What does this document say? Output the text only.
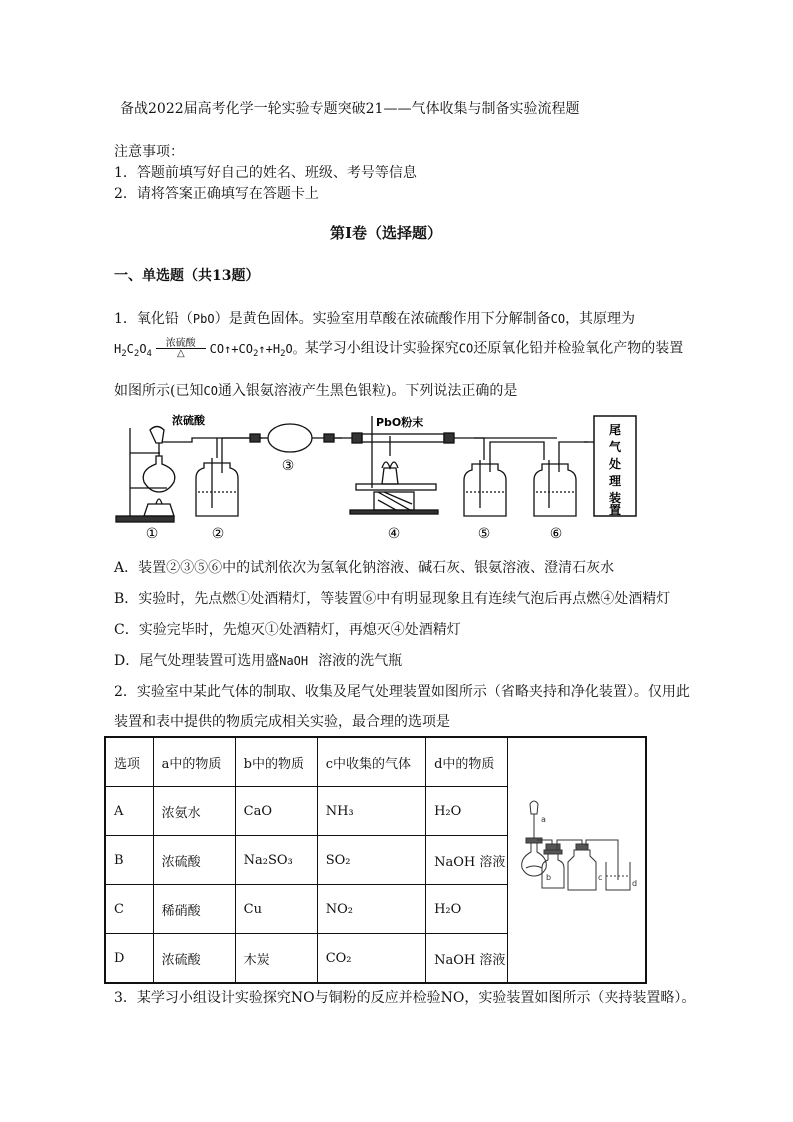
备战2022届高考化学一轮实验专题突破21——气体收集与制备实验流程题
注意事项：
1．答题前填写好自己的姓名、班级、考号等信息
2．请将答案正确填写在答题卡上
第I卷（选择题）
一、单选题（共13题）
1．氧化铅（PbO）是黄色固体。实验室用草酸在浓硫酸作用下分解制备CO，其原理为
$H_2C_2O_4 \frac{\text{浓硫酸}}{\triangle}$ $CO↑+CO_2↑+H_2O$。某学习小组设计实验探究CO还原氧化铅并检验氧化产物的装置
如图所示(已知CO通入银氨溶液产生黑色银粒)。下列说法正确的是
浓硫酸	PbO粉末
尾
气
处
理
装
置
①	②
③
④	⑤	⑥
A．装置②③⑤⑥中的试剂依次为氢氧化钠溶液、碱石灰、银氨溶液、澄清石灰水
B．实验时，先点燃①处酒精灯，等装置⑥中有明显现象且有连续气泡后再点燃④处酒精灯
C．实验完毕时，先熄灭①处酒精灯，再熄灭④处酒精灯
D．尾气处理装置可选用盛NaOH 溶液的洗气瓶
2．实验室中某此气体的制取、收集及尾气处理装置如图所示（省略夹持和净化装置）。仅用此
装置和表中提供的物质完成相关实验，最合理的选项是
选项	a中的物质	b中的物质	c中收集的气体	d中的物质	a
b c
d

A	浓氨水	CaO	NH₃	H₂O	
B	浓硫酸	Na₂SO₃	SO₂	NaOH 溶液	
C	稀硝酸	Cu	NO₂	H₂O	
D	浓硫酸	木炭	CO₂	NaOH 溶液	
3．某学习小组设计实验探究NO与铜粉的反应并检验NO，实验装置如图所示（夹持装置略）。
